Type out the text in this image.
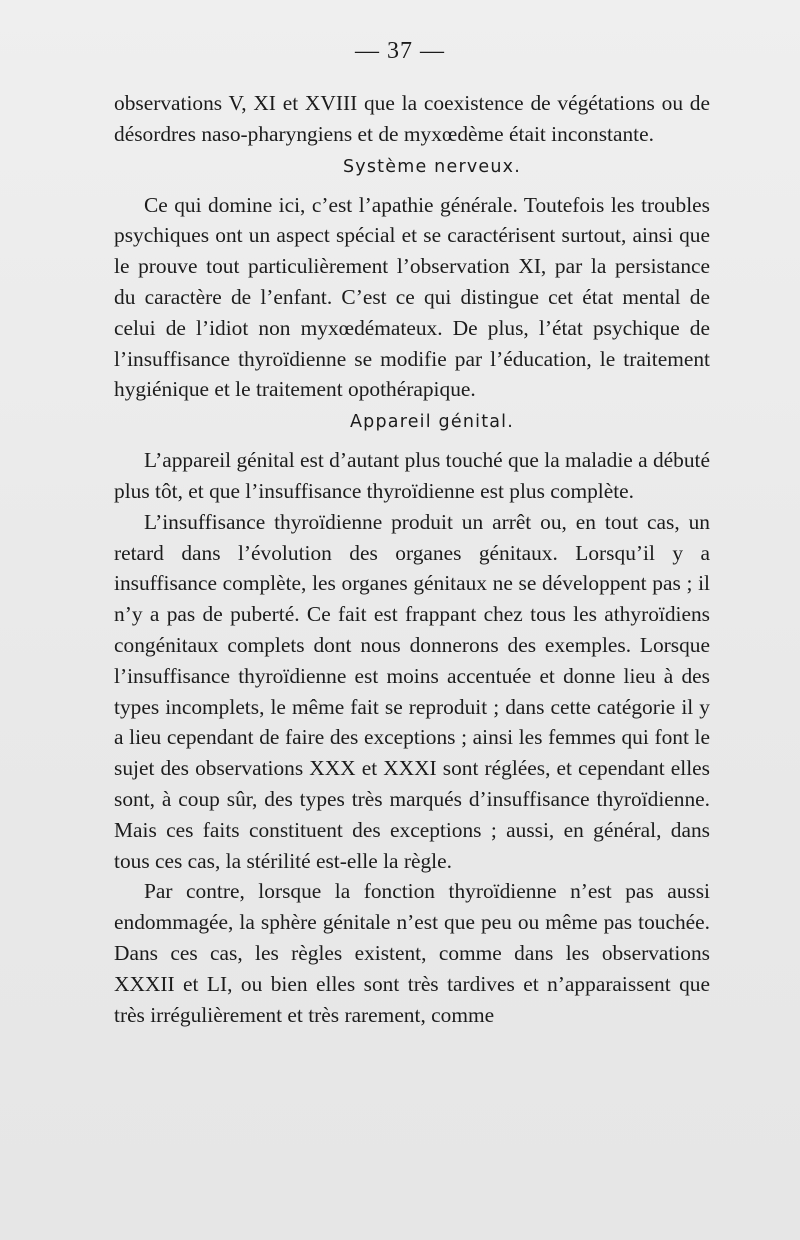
— 37 —

observations V, XI et XVIII que la coexistence de végétations ou de désordres naso-pharyngiens et de myxœdème était inconstante.

Système nerveux.

Ce qui domine ici, c’est l’apathie générale. Toutefois les troubles psychiques ont un aspect spécial et se caractérisent surtout, ainsi que le prouve tout particulièrement l’observation XI, par la persistance du caractère de l’enfant. C’est ce qui distingue cet état mental de celui de l’idiot non myxœdémateux. De plus, l’état psychique de l’insuffisance thyroïdienne se modifie par l’éducation, le traitement hygiénique et le traitement opothérapique.

Appareil génital.

L’appareil génital est d’autant plus touché que la maladie a débuté plus tôt, et que l’insuffisance thyroïdienne est plus complète.

L’insuffisance thyroïdienne produit un arrêt ou, en tout cas, un retard dans l’évolution des organes génitaux. Lorsqu’il y a insuffisance complète, les organes génitaux ne se développent pas ; il n’y a pas de puberté. Ce fait est frappant chez tous les athyroïdiens congénitaux complets dont nous donnerons des exemples. Lorsque l’insuffisance thyroïdienne est moins accentuée et donne lieu à des types incomplets, le même fait se reproduit ; dans cette catégorie il y a lieu cependant de faire des exceptions ; ainsi les femmes qui font le sujet des observations XXX et XXXI sont réglées, et cependant elles sont, à coup sûr, des types très marqués d’insuffisance thyroïdienne. Mais ces faits constituent des exceptions ; aussi, en général, dans tous ces cas, la stérilité est-elle la règle.

Par contre, lorsque la fonction thyroïdienne n’est pas aussi endommagée, la sphère génitale n’est que peu ou même pas touchée. Dans ces cas, les règles existent, comme dans les observations XXXII et LI, ou bien elles sont très tardives et n’apparaissent que très irrégulièrement et très rarement, comme
